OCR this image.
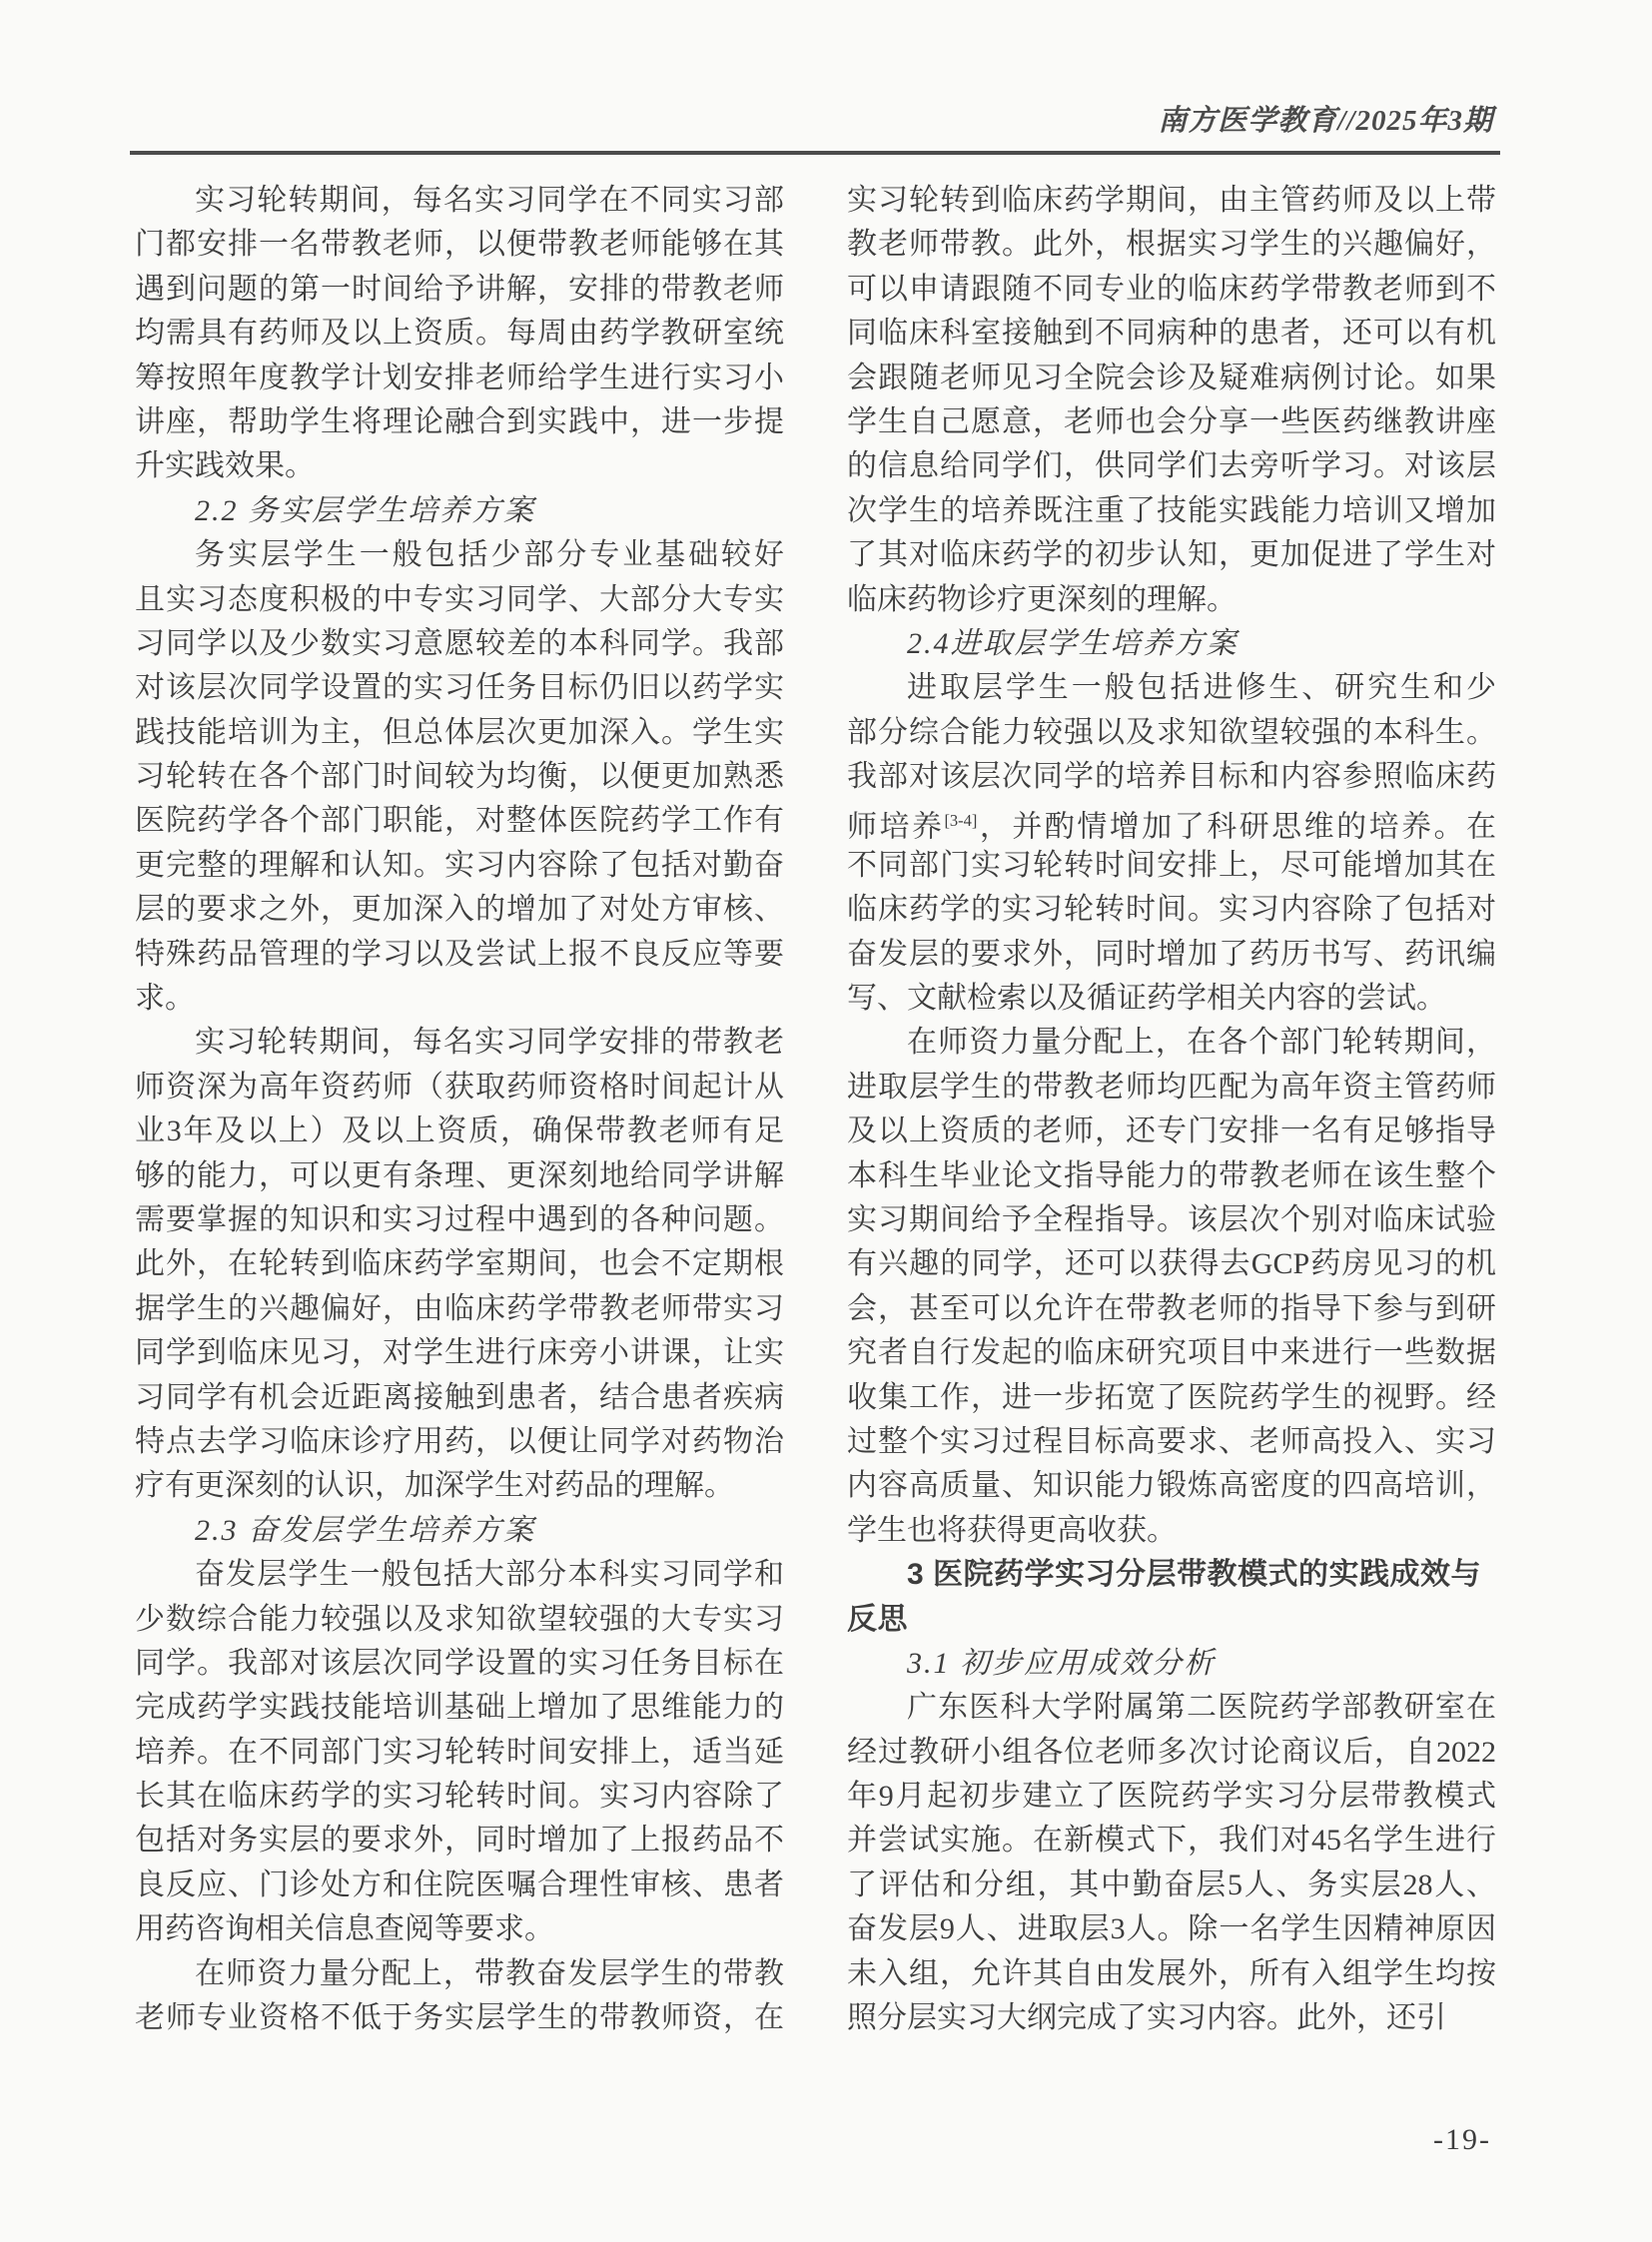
南方医学教育//2025年3期
实习轮转期间，每名实习同学在不同实习部
门都安排一名带教老师，以便带教老师能够在其
遇到问题的第一时间给予讲解，安排的带教老师
均需具有药师及以上资质。每周由药学教研室统
筹按照年度教学计划安排老师给学生进行实习小
讲座，帮助学生将理论融合到实践中，进一步提
升实践效果。
2.2 务实层学生培养方案
务实层学生一般包括少部分专业基础较好
且实习态度积极的中专实习同学、大部分大专实
习同学以及少数实习意愿较差的本科同学。我部
对该层次同学设置的实习任务目标仍旧以药学实
践技能培训为主，但总体层次更加深入。学生实
习轮转在各个部门时间较为均衡，以便更加熟悉
医院药学各个部门职能，对整体医院药学工作有
更完整的理解和认知。实习内容除了包括对勤奋
层的要求之外，更加深入的增加了对处方审核、
特殊药品管理的学习以及尝试上报不良反应等要
求。
实习轮转期间，每名实习同学安排的带教老
师资深为高年资药师（获取药师资格时间起计从
业3年及以上）及以上资质，确保带教老师有足
够的能力，可以更有条理、更深刻地给同学讲解
需要掌握的知识和实习过程中遇到的各种问题。
此外，在轮转到临床药学室期间，也会不定期根
据学生的兴趣偏好，由临床药学带教老师带实习
同学到临床见习，对学生进行床旁小讲课，让实
习同学有机会近距离接触到患者，结合患者疾病
特点去学习临床诊疗用药，以便让同学对药物治
疗有更深刻的认识，加深学生对药品的理解。
2.3 奋发层学生培养方案
奋发层学生一般包括大部分本科实习同学和
少数综合能力较强以及求知欲望较强的大专实习
同学。我部对该层次同学设置的实习任务目标在
完成药学实践技能培训基础上增加了思维能力的
培养。在不同部门实习轮转时间安排上，适当延
长其在临床药学的实习轮转时间。实习内容除了
包括对务实层的要求外，同时增加了上报药品不
良反应、门诊处方和住院医嘱合理性审核、患者
用药咨询相关信息查阅等要求。
在师资力量分配上，带教奋发层学生的带教
老师专业资格不低于务实层学生的带教师资，在
实习轮转到临床药学期间，由主管药师及以上带
教老师带教。此外，根据实习学生的兴趣偏好，
可以申请跟随不同专业的临床药学带教老师到不
同临床科室接触到不同病种的患者，还可以有机
会跟随老师见习全院会诊及疑难病例讨论。如果
学生自己愿意，老师也会分享一些医药继教讲座
的信息给同学们，供同学们去旁听学习。对该层
次学生的培养既注重了技能实践能力培训又增加
了其对临床药学的初步认知，更加促进了学生对
临床药物诊疗更深刻的理解。
2.4进取层学生培养方案
进取层学生一般包括进修生、研究生和少
部分综合能力较强以及求知欲望较强的本科生。
我部对该层次同学的培养目标和内容参照临床药
师培养[3-4]，并酌情增加了科研思维的培养。在
不同部门实习轮转时间安排上，尽可能增加其在
临床药学的实习轮转时间。实习内容除了包括对
奋发层的要求外，同时增加了药历书写、药讯编
写、文献检索以及循证药学相关内容的尝试。
在师资力量分配上，在各个部门轮转期间，
进取层学生的带教老师均匹配为高年资主管药师
及以上资质的老师，还专门安排一名有足够指导
本科生毕业论文指导能力的带教老师在该生整个
实习期间给予全程指导。该层次个别对临床试验
有兴趣的同学，还可以获得去GCP药房见习的机
会，甚至可以允许在带教老师的指导下参与到研
究者自行发起的临床研究项目中来进行一些数据
收集工作，进一步拓宽了医院药学生的视野。经
过整个实习过程目标高要求、老师高投入、实习
内容高质量、知识能力锻炼高密度的四高培训，
学生也将获得更高收获。
3 医院药学实习分层带教模式的实践成效与
反思
3.1 初步应用成效分析
广东医科大学附属第二医院药学部教研室在
经过教研小组各位老师多次讨论商议后，自2022
年9月起初步建立了医院药学实习分层带教模式
并尝试实施。在新模式下，我们对45名学生进行
了评估和分组，其中勤奋层5人、务实层28人、
奋发层9人、进取层3人。除一名学生因精神原因
未入组，允许其自由发展外，所有入组学生均按
照分层实习大纲完成了实习内容。此外，还引
-19-
